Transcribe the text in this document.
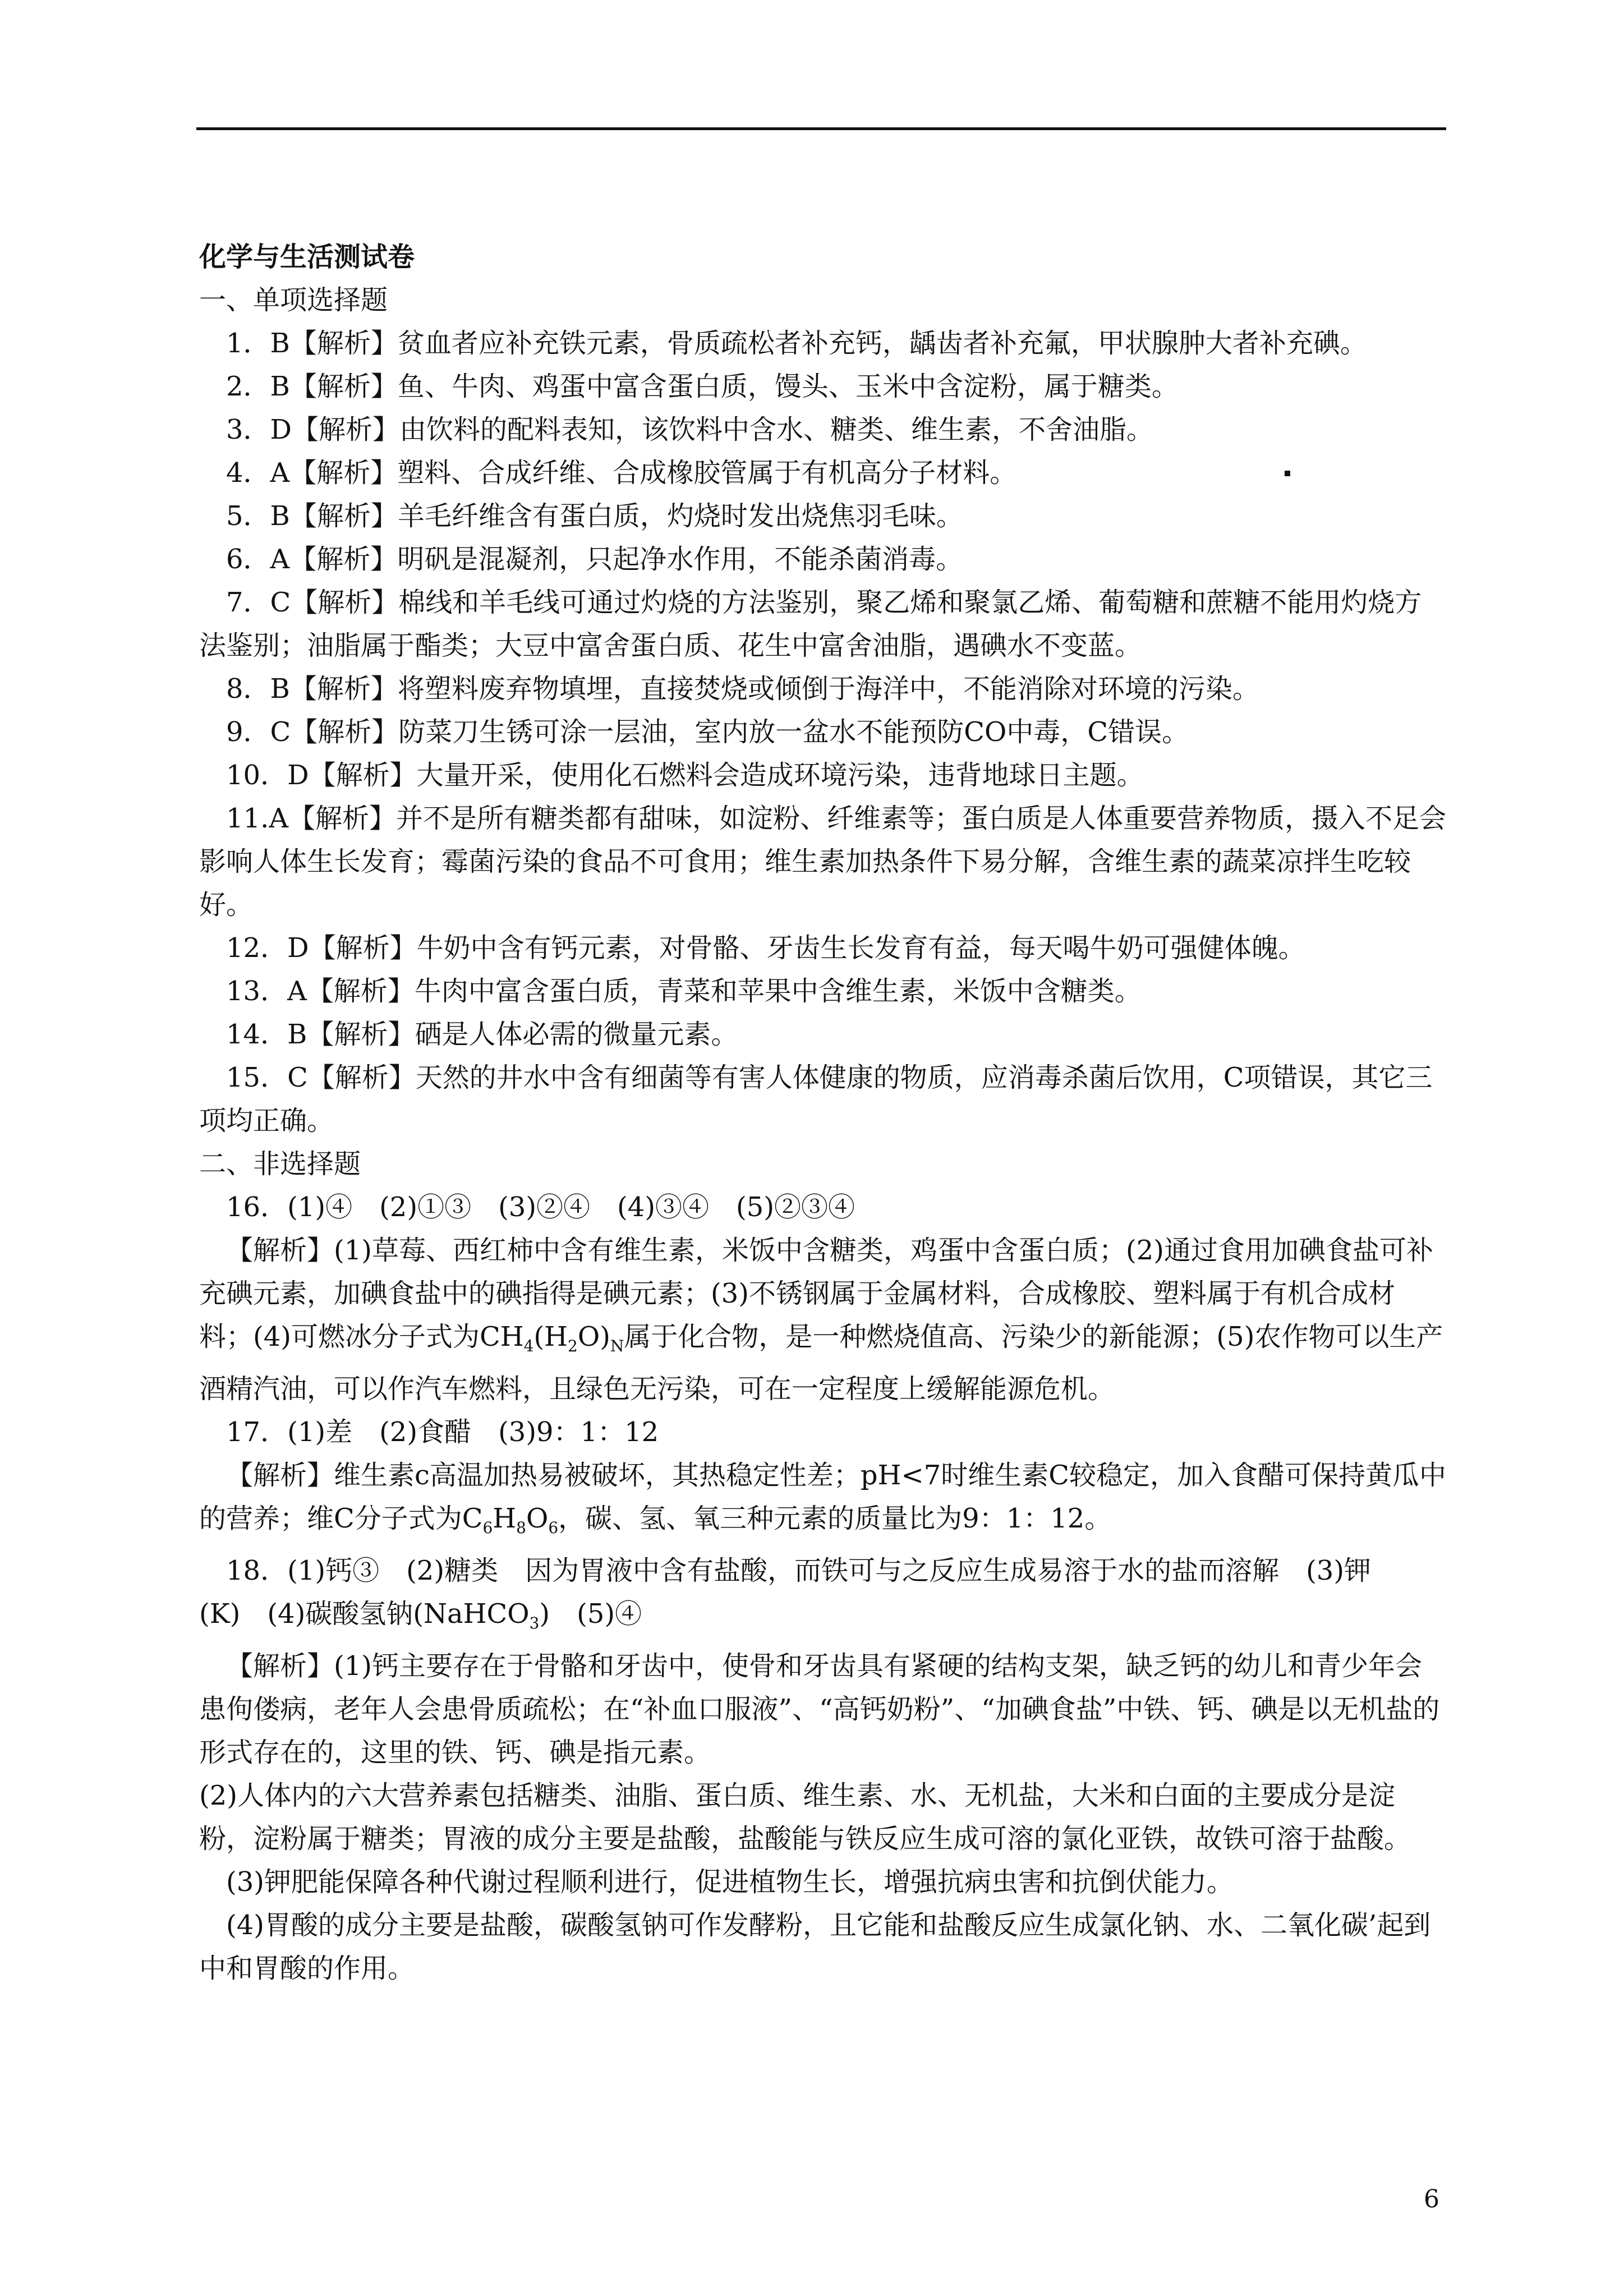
化学与生活测试卷
一、单项选择题
1．B【解析】贫血者应补充铁元素，骨质疏松者补充钙，龋齿者补充氟，甲状腺肿大者补充碘。
2．B【解析】鱼、牛肉、鸡蛋中富含蛋白质，馒头、玉米中含淀粉，属于糖类。
3．D【解析】由饮料的配料表知，该饮料中含水、糖类、维生素，不舍油脂。
4．A【解析】塑料、合成纤维、合成橡胶管属于有机高分子材料。
5．B【解析】羊毛纤维含有蛋白质，灼烧时发出烧焦羽毛味。
6．A【解析】明矾是混凝剂，只起净水作用，不能杀菌消毒。
7．C【解析】棉线和羊毛线可通过灼烧的方法鉴别，聚乙烯和聚氯乙烯、葡萄糖和蔗糖不能用灼烧方法鉴别；油脂属于酯类；大豆中富舍蛋白质、花生中富舍油脂，遇碘水不变蓝。
8．B【解析】将塑料废弃物填埋，直接焚烧或倾倒于海洋中，不能消除对环境的污染。
9．C【解析】防菜刀生锈可涂一层油，室内放一盆水不能预防CO中毒，C错误。
10．D【解析】大量开采，使用化石燃料会造成环境污染，违背地球日主题。
11.A【解析】并不是所有糖类都有甜味，如淀粉、纤维素等；蛋白质是人体重要营养物质，摄入不足会影响人体生长发育；霉菌污染的食品不可食用；维生素加热条件下易分解，含维生素的蔬菜凉拌生吃较好。
12．D【解析】牛奶中含有钙元素，对骨骼、牙齿生长发育有益，每天喝牛奶可强健体魄。
13．A【解析】牛肉中富含蛋白质，青菜和苹果中含维生素，米饭中含糖类。
14．B【解析】硒是人体必需的微量元素。
15．C【解析】天然的井水中含有细菌等有害人体健康的物质，应消毒杀菌后饮用，C项错误，其它三项均正确。
二、非选择题
16．(1)④　(2)①③　(3)②④　(4)③④　(5)②③④
【解析】(1)草莓、西红柿中含有维生素，米饭中含糖类，鸡蛋中含蛋白质；(2)通过食用加碘食盐可补充碘元素，加碘食盐中的碘指得是碘元素；(3)不锈钢属于金属材料，合成橡胶、塑料属于有机合成材料；(4)可燃冰分子式为$CH_4(H_2O)_N$属于化合物，是一种燃烧值高、污染少的新能源；(5)农作物可以生产酒精汽油，可以作汽车燃料，且绿色无污染，可在一定程度上缓解能源危机。
17．(1)差　(2)食醋　(3)9：1：12
【解析】维生素c高温加热易被破坏，其热稳定性差；pH<7时维生素C较稳定，加入食醋可保持黄瓜中的营养；维C分子式为$C_6H_8O_6$，碳、氢、氧三种元素的质量比为9：1：12。
18．(1)钙③　(2)糖类　因为胃液中含有盐酸，而铁可与之反应生成易溶于水的盐而溶解　(3)钾
(K)　(4)碳酸氢钠(NaHCO$_3$)　(5)④
【解析】(1)钙主要存在于骨骼和牙齿中，使骨和牙齿具有紧硬的结构支架，缺乏钙的幼儿和青少年会患佝偻病，老年人会患骨质疏松；在“补血口服液”、“高钙奶粉”、“加碘食盐”中铁、钙、碘是以无机盐的形式存在的，这里的铁、钙、碘是指元素。
(2)人体内的六大营养素包括糖类、油脂、蛋白质、维生素、水、无机盐，大米和白面的主要成分是淀粉，淀粉属于糖类；胃液的成分主要是盐酸，盐酸能与铁反应生成可溶的氯化亚铁，故铁可溶于盐酸。
(3)钾肥能保障各种代谢过程顺利进行，促进植物生长，增强抗病虫害和抗倒伏能力。
(4)胃酸的成分主要是盐酸，碳酸氢钠可作发酵粉，且它能和盐酸反应生成氯化钠、水、二氧化碳’起到中和胃酸的作用。
6
